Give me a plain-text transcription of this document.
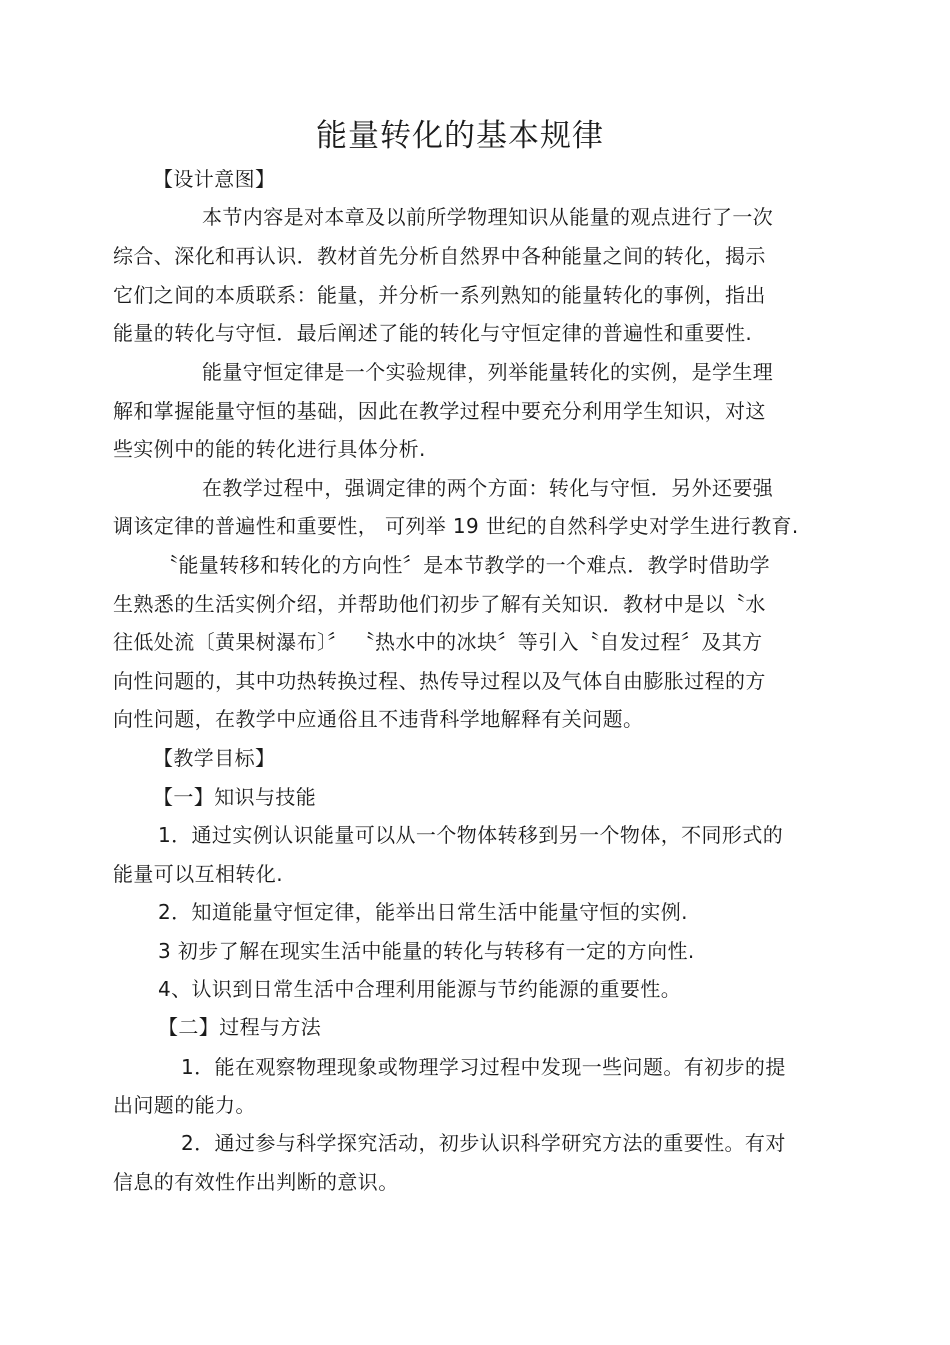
能量转化的基本规律
【设计意图】
本节内容是对本章及以前所学物理知识从能量的观点进行了一次
综合、深化和再认识．教材首先分析自然界中各种能量之间的转化，揭示
它们之间的本质联系：能量，并分析一系列熟知的能量转化的事例，指出
能量的转化与守恒．最后阐述了能的转化与守恒定律的普遍性和重要性.
能量守恒定律是一个实验规律，列举能量转化的实例，是学生理
解和掌握能量守恒的基础，因此在教学过程中要充分利用学生知识，对这
些实例中的能的转化进行具体分析.
在教学过程中，强调定律的两个方面：转化与守恒．另外还要强
调该定律的普遍性和重要性， 可列举 19 世纪的自然科学史对学生进行教育.
〝能量转移和转化的方向性〞是本节教学的一个难点．教学时借助学
生熟悉的生活实例介绍，并帮助他们初步了解有关知识．教材中是以〝水
往低处流〔黄果树瀑布〕〞 〝热水中的冰块〞等引入〝自发过程〞及其方
向性问题的，其中功热转换过程、热传导过程以及气体自由膨胀过程的方
向性问题，在教学中应通俗且不违背科学地解释有关问题。
【教学目标】
【一】知识与技能
1．通过实例认识能量可以从一个物体转移到另一个物体，不同形式的
能量可以互相转化.
2．知道能量守恒定律，能举出日常生活中能量守恒的实例.
3 初步了解在现实生活中能量的转化与转移有一定的方向性.
4、认识到日常生活中合理利用能源与节约能源的重要性。
【二】过程与方法
1．能在观察物理现象或物理学习过程中发现一些问题。有初步的提
出问题的能力。
2．通过参与科学探究活动，初步认识科学研究方法的重要性。有对
信息的有效性作出判断的意识。
